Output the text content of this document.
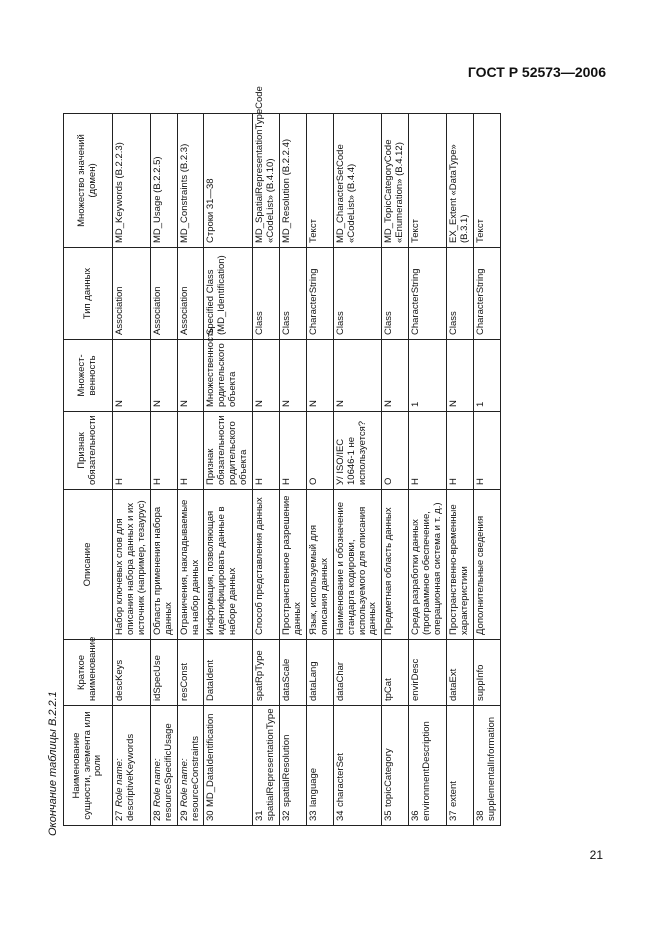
ГОСТ Р 52573—2006
Окончание таблицы B.2.2.1 Наименование сущности, элемента или роли	Краткое наименование	Описание	Признак обязательности	Множест-венность	Тип данных	Множество значений (домен)
27Role name: descriptiveKeywords	descKeys	Набор ключевых слов для описания набора данных и их источник (например, тезаурус)	Н	N	Association	MD_Keywords (B.2.2.3)
28Role name: resourceSpecificUsage	idSpecUse	Область применения набора данных	Н	N	Association	MD_Usage (B.2.2.5)
29Role name: resourceConstraints	resConst	Ограничения, накладываемые на набор данных	Н	N	Association	MD_Constraints (B.2.3)
30MD_DataIdentification	DataIdent	Информация, позволяющая идентифицировать данные в наборе данных	Признак обязательности родительского объекта	Множественность родительского объекта	Specified Class (MD_Identification)	Строки 31—38
31spatialRepresentationType	spatRpType	Способ представления данных	Н	N	Class	MD_SpatialRepresentationTypeCode «CodeList» (B.4.10)
32spatialResolution	dataScale	Пространственное разрешение данных	Н	N	Class	MD_Resolution (B.2.2.4)
33language	dataLang	Язык, используемый для описания данных	О	N	CharacterString	Текст
34characterSet	dataChar	Наименование и обозначение стандарта кодировки, используемого для описания данных	У/ ISO/IEC 10646-1 не используется?	N	Class	MD_CharacterSetCode «CodeList» (B.4.4)
35topicCategory	tpCat	Предметная область данных	О	N	Class	MD_TopicCategoryCode «Enumeration» (B.4.12)
36environmentDescription	envirDesc	Среда разработки данных (программное обеспечение, операционная система и т. д.)	Н	1	CharacterString	Текст
37extent	dataExt	Пространственно-временные характеристики	Н	N	Class	EX_Extent «DataType» (B.3.1)
38supplementalInformation	suppInfo	Дополнительные сведения	Н	1	CharacterString	Текст
21
